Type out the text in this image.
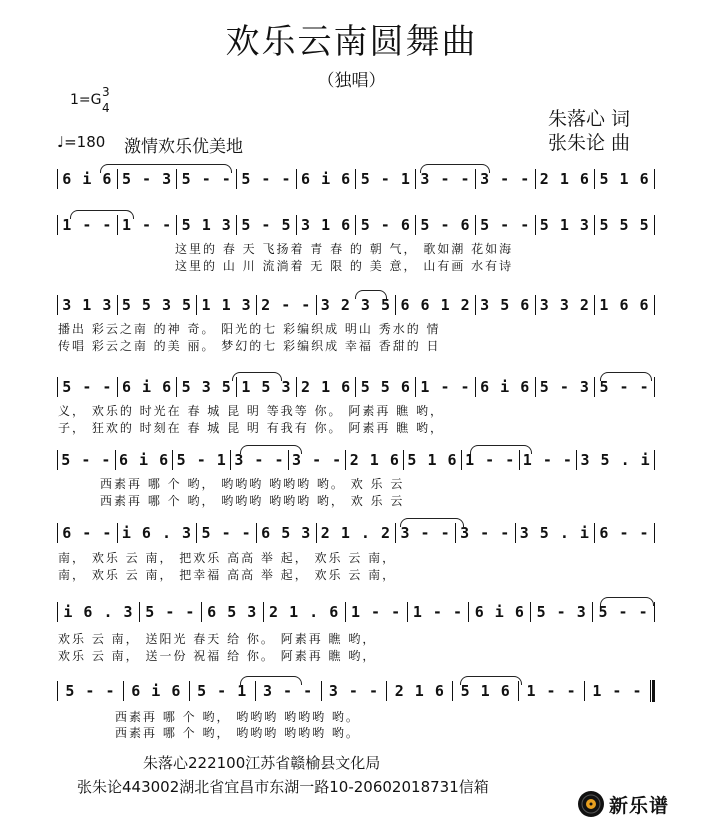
欢乐云南圆舞曲
（独唱）
1=G 3
4	朱落心 词
张朱论 曲
♩=180 激情欢乐优美地
6 i 6 5 - 3 5 - - 5 - - 6 i 6 5 - 1 3 - - 3 - - 2 1 6 5 1 6
1 - - 1 - - 5 1 3 5 - 5 3 1 6 5 - 6 5 - 6 5 - - 5 1 3 5 5 5
3 1 3 5 5 3 5 1 1 3 2 - - 3 2 3 5 6 6 1 2 3 5 6 3 3 2 1 6 6
5 - - 6 i 6 5 3 5 1 5 3 2 1 6 5 5 6 1 - - 6 i 6 5 - 3 5 - -
5 - - 6 i 6 5 - 1 3 - - 3 - - 2 1 6 5 1 6 1 - - 1 - - 3 5 . i
6 - - i 6 . 3 5 - - 6 5 3 2 1 . 2 3 - - 3 - - 3 5 . i 6 - -
i 6 . 3 5 - - 6 5 3 2 1 . 6 1 - - 1 - - 6 i 6 5 - 3 5 - -
5 - - 6 i 6 5 - 1 3 - - 3 - - 2 1 6 5 1 6 1 - - 1 - -
这里的 春 天 飞扬着 青 春 的 朝 气， 歌如潮 花如海
这里的 山 川 流淌着 无 限 的 美 意， 山有画 水有诗
播出 彩云之南 的神 奇。 阳光的七 彩编织成 明山 秀水的 情
传唱 彩云之南 的美 丽。 梦幻的七 彩编织成 幸福 香甜的 日
义， 欢乐的 时光在 春 城 昆 明 等我等 你。 阿素再 瞧 哟，
子， 狂欢的 时刻在 春 城 昆 明 有我有 你。 阿素再 瞧 哟，
西素再 哪 个 哟， 哟哟哟 哟哟哟 哟。 欢 乐 云
西素再 哪 个 哟， 哟哟哟 哟哟哟 哟， 欢 乐 云
南， 欢乐 云 南， 把欢乐 高高 举 起， 欢乐 云 南，
南， 欢乐 云 南， 把幸福 高高 举 起， 欢乐 云 南，
欢乐 云 南， 送阳光 春天 给 你。 阿素再 瞧 哟，
欢乐 云 南， 送一份 祝福 给 你。 阿素再 瞧 哟，
西素再 哪 个 哟， 哟哟哟 哟哟哟 哟。
西素再 哪 个 哟， 哟哟哟 哟哟哟 哟。
朱落心222100江苏省赣榆县文化局
张朱论443002湖北省宜昌市东湖一路10-20602018731信箱
新乐谱
